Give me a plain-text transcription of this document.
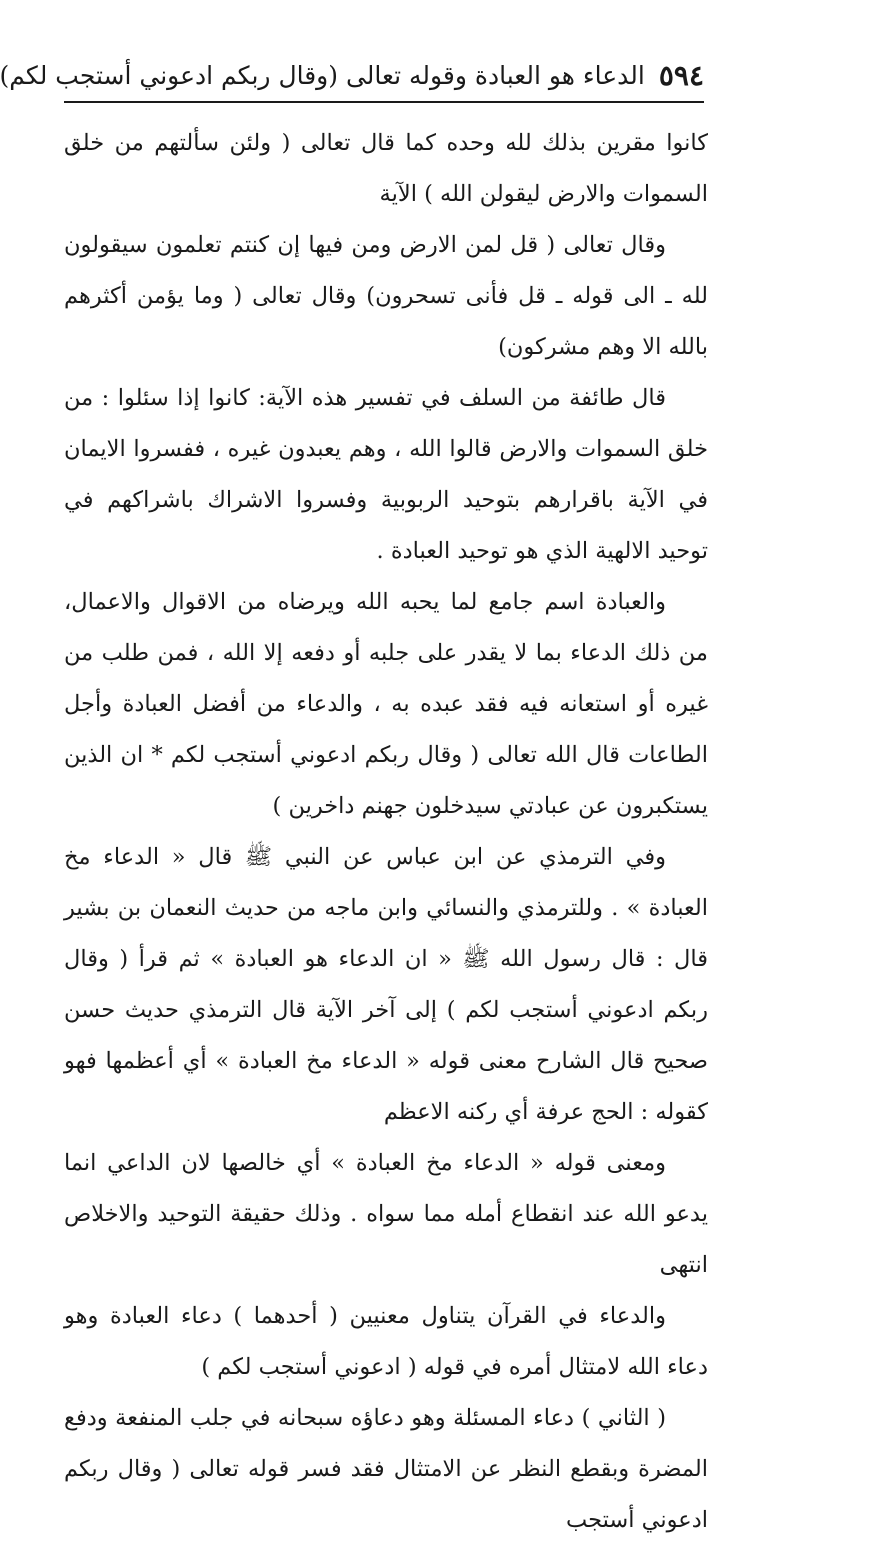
٥٩٤
الدعاء هو العبادة وقوله تعالى (وقال ربكم ادعوني أستجب لكم)

كانوا مقرين بذلك لله وحده كما قال تعالى ( ولئن سألتهم من خلق السموات والارض ليقولن الله ) الآية

وقال تعالى ( قل لمن الارض ومن فيها إن كنتم تعلمون سيقولون لله ـ الى قوله ـ قل فأنى تسحرون) وقال تعالى ( وما يؤمن أكثرهم بالله الا وهم مشركون)

قال طائفة من السلف في تفسير هذه الآية: كانوا إذا سئلوا : من خلق السموات والارض قالوا الله ، وهم يعبدون غيره ، ففسروا الايمان في الآية باقرارهم بتوحيد الربوبية وفسروا الاشراك باشراكهم في توحيد الالهية الذي هو توحيد العبادة .

والعبادة اسم جامع لما يحبه الله ويرضاه من الاقوال والاعمال، من ذلك الدعاء بما لا يقدر على جلبه أو دفعه إلا الله ، فمن طلب من غيره أو استعانه فيه فقد عبده به ، والدعاء من أفضل العبادة وأجل الطاعات قال الله تعالى ( وقال ربكم ادعوني أستجب لكم * ان الذين يستكبرون عن عبادتي سيدخلون جهنم داخرين )

وفي الترمذي عن ابن عباس عن النبي ﷺ قال « الدعاء مخ العبادة » . وللترمذي والنسائي وابن ماجه من حديث النعمان بن بشير قال : قال رسول الله ﷺ « ان الدعاء هو العبادة » ثم قرأ ( وقال ربكم ادعوني أستجب لكم ) إلى آخر الآية قال الترمذي حديث حسن صحيح قال الشارح معنى قوله « الدعاء مخ العبادة » أي أعظمها فهو كقوله : الحج عرفة أي ركنه الاعظم

ومعنى قوله « الدعاء مخ العبادة » أي خالصها لان الداعي انما يدعو الله عند انقطاع أمله مما سواه . وذلك حقيقة التوحيد والاخلاص انتهى

والدعاء في القرآن يتناول معنيين ( أحدهما ) دعاء العبادة وهو دعاء الله لامتثال أمره في قوله ( ادعوني أستجب لكم )

( الثاني ) دعاء المسئلة وهو دعاؤه سبحانه في جلب المنفعة ودفع المضرة وبقطع النظر عن الامتثال فقد فسر قوله تعالى ( وقال ربكم ادعوني أستجب
